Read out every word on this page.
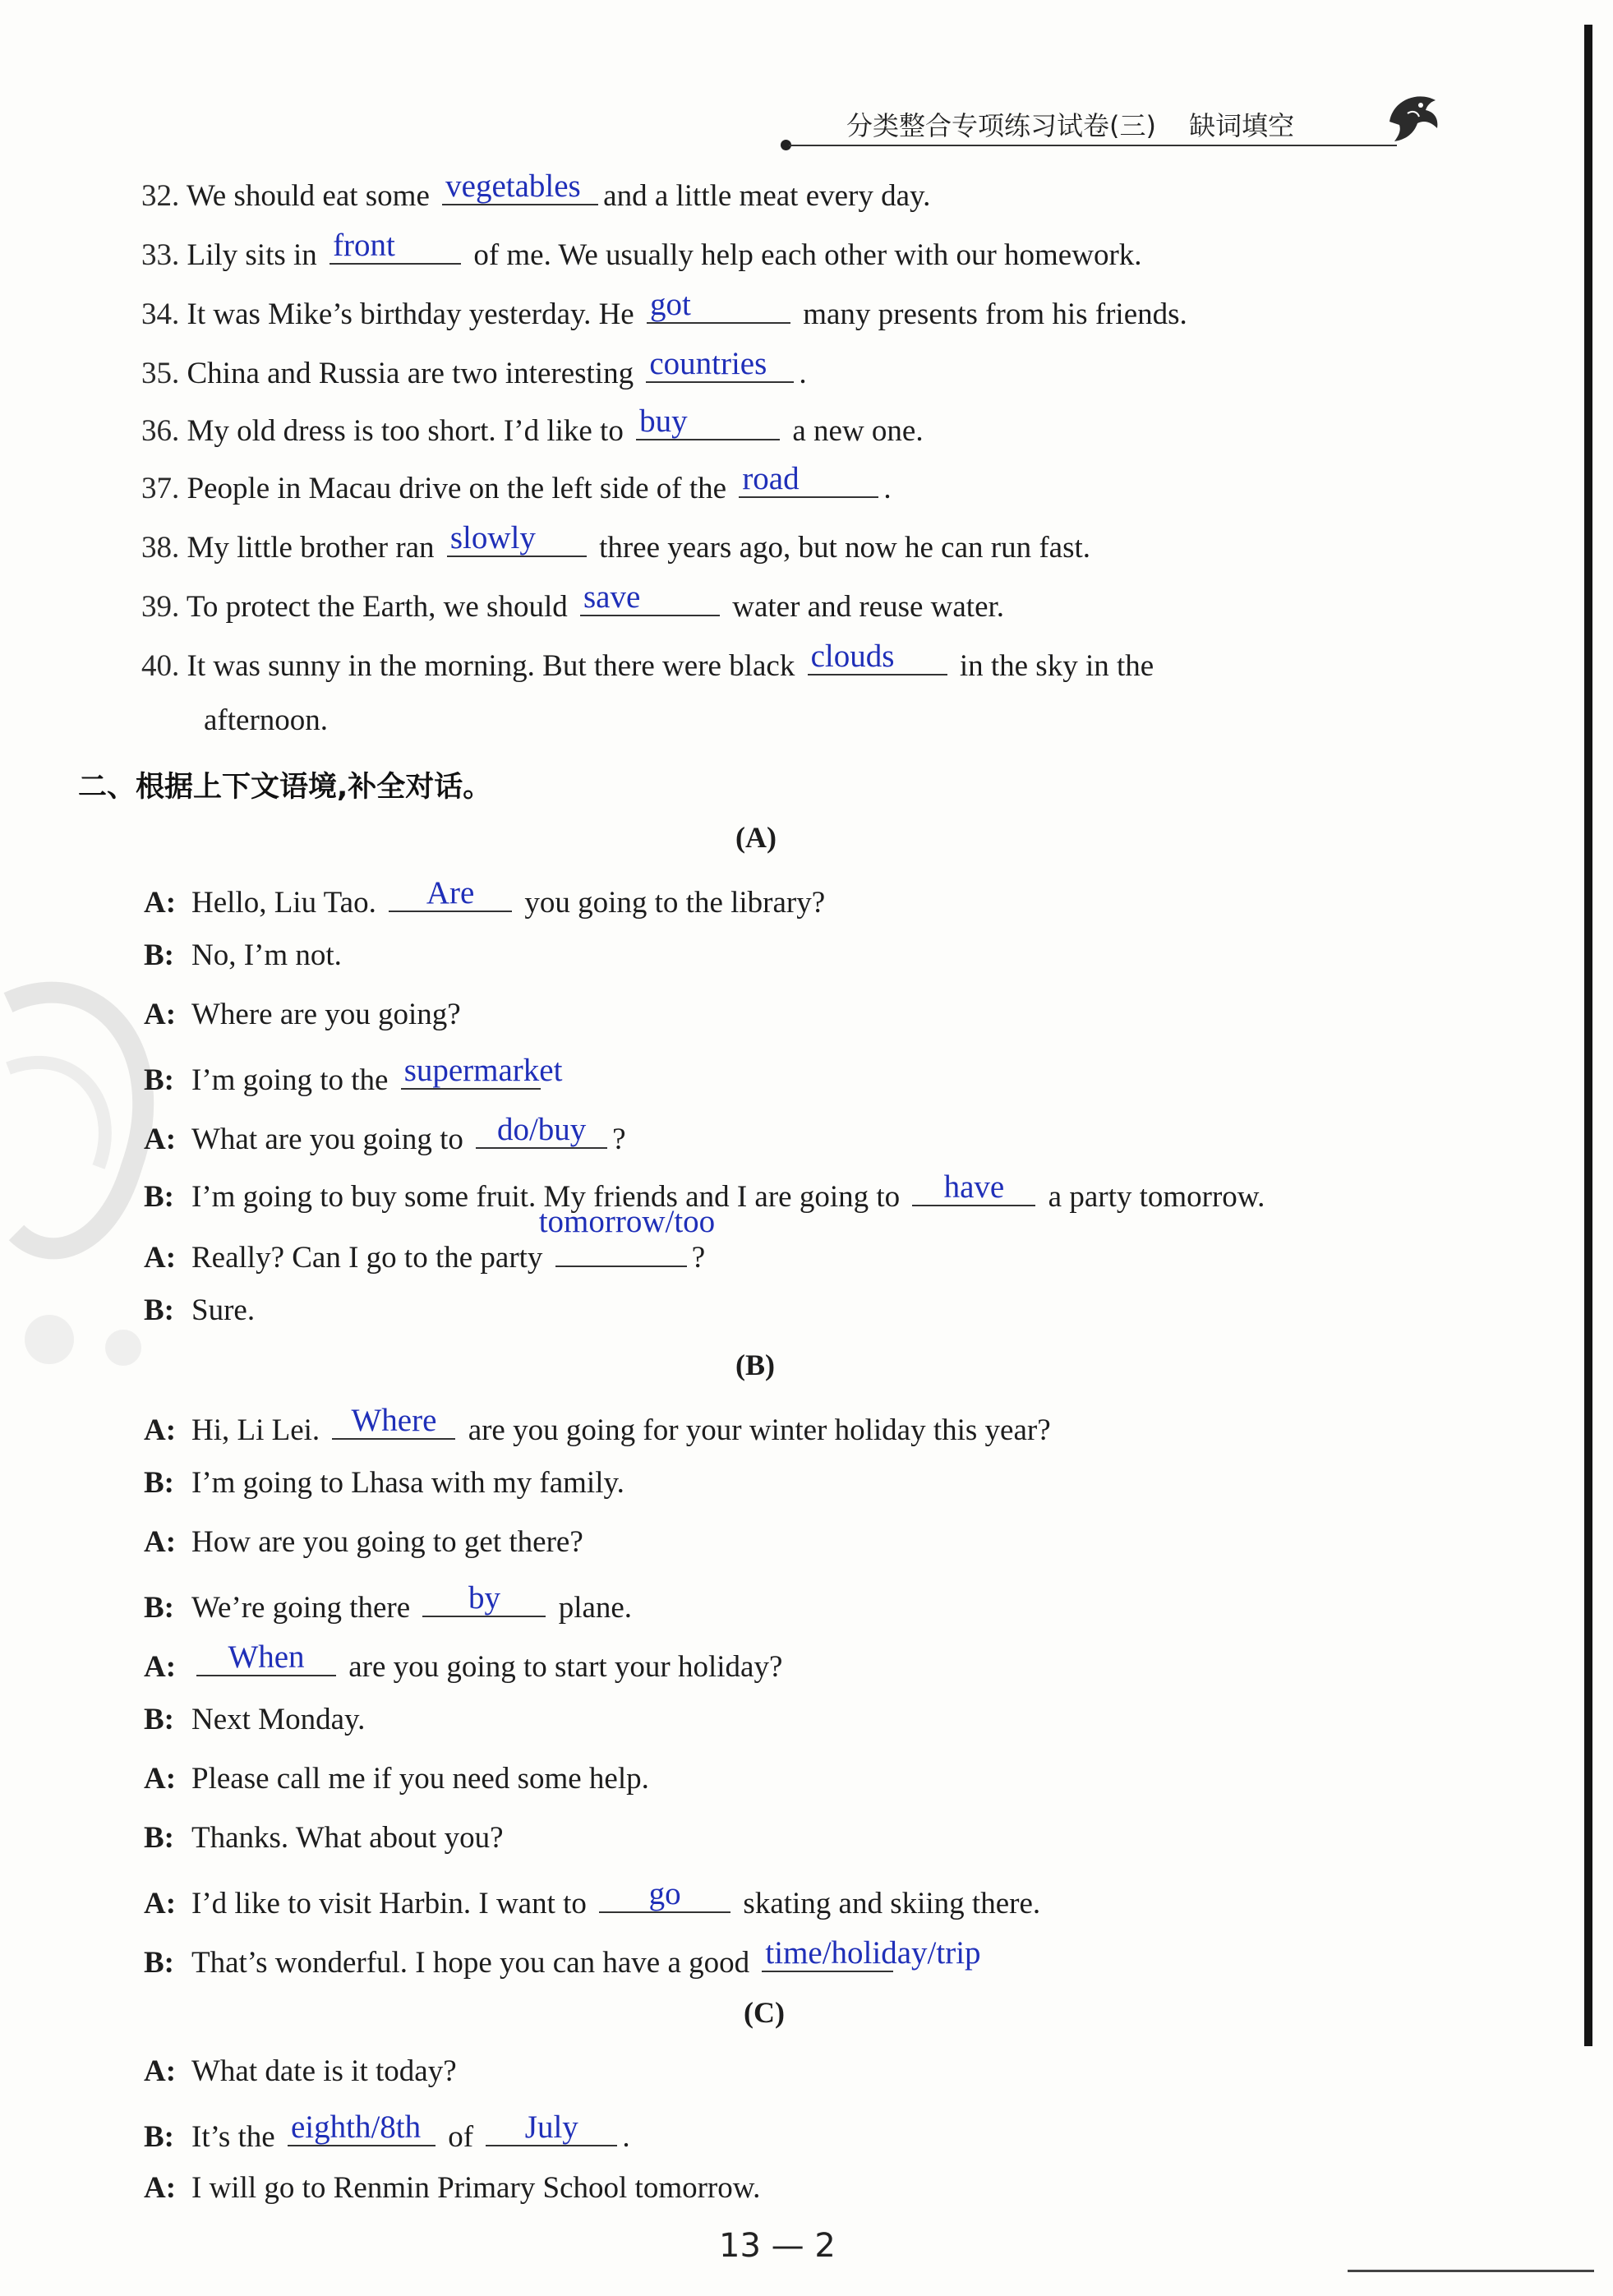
分类整合专项练习试卷(三) 缺词填空
32. We should eat some vegetables and a little meat every day.
33. Lily sits in front	of me. We usually help each other with our homework.
34. It was Mike’s birthday yesterday. He got	many presents from his friends.
35. China and Russia are two interesting countries .
36. My old dress is too short. I’d like to buy	a new one.
37. People in Macau drive on the left side of the road	.
38. My little brother ran slowly three years ago, but now he can run fast.
39. To protect the Earth, we should save	water and reuse water.
40. It was sunny in the morning. But there were black clouds in the sky in the
afternoon.
二、根据上下文语境,补全对话。
(A)
A: Hello, Liu Tao.	Are	you going to the library?
B: No, I’m not.
A: Where are you going?
B: I’m going to the supermarket
A: What are you going to	do/buy ?
B: I’m going to buy some fruit. My friends and I are going to	have	a party tomorrow.
A: Really? Can I go to the party
tomorrow/too
?
B: Sure.
(B)
A: Hi, Li Lei. Where	are you going for your winter holiday this year?
B: I’m going to Lhasa with my family.
A: How are you going to get there?
B: We’re going there	by	plane.
A:	When	are you going to start your holiday?
B: Next Monday.
A: Please call me if you need some help.
B: Thanks. What about you?
A: I’d like to visit Harbin. I want to	go	skating and skiing there.
B: That’s wonderful. I hope you can have a good time/holiday/trip
(C)
A: What date is it today?
B: It’s the eighth/8th of	July	.
A: I will go to Renmin Primary School tomorrow.
13 — 2
